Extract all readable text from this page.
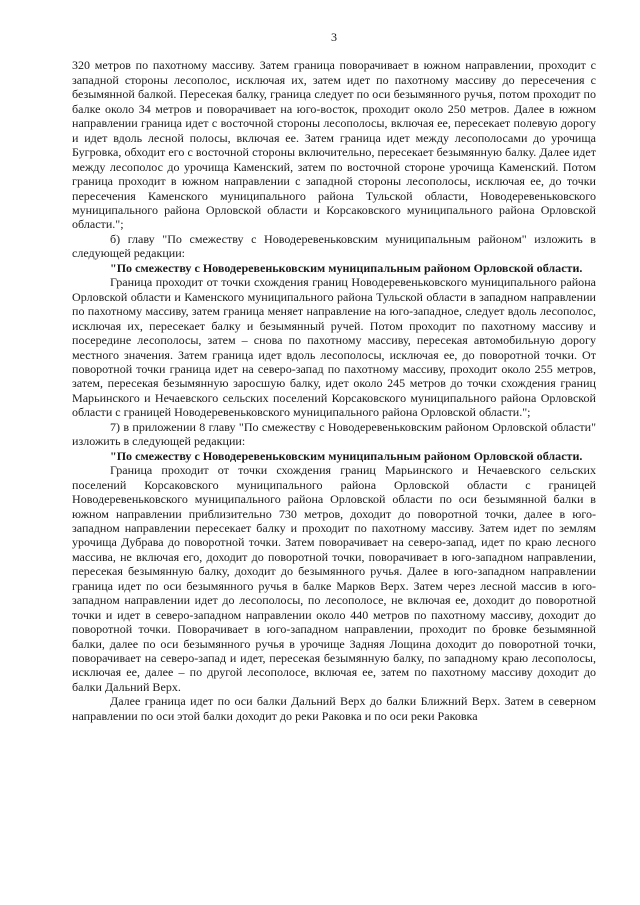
3

320 метров по пахотному массиву. Затем граница поворачивает в южном направлении, проходит с западной стороны лесополос, исключая их, затем идет по пахотному массиву до пересечения с безымянной балкой. Пересекая балку, граница следует по оси безымянного ручья, потом проходит по балке около 34 метров и поворачивает на юго-восток, проходит около 250 метров. Далее в южном направлении граница идет с восточной стороны лесополосы, включая ее, пересекает полевую дорогу и идет вдоль лесной полосы, включая ее. Затем граница идет между лесополосами до урочища Бугровка, обходит его с восточной стороны включительно, пересекает безымянную балку. Далее идет между лесополос до урочища Каменский, затем по восточной стороне урочища Каменский. Потом граница проходит в южном направлении с западной стороны лесополосы, исключая ее, до точки пересечения Каменского муниципального района Тульской области, Новодеревеньковского муниципального района Орловской области и Корсаковского муниципального района Орловской области.";

б) главу "По смежеству с Новодеревеньковским муниципальным районом" изложить в следующей редакции:

"По смежеству с Новодеревеньковским муниципальным районом Орловской области.

Граница проходит от точки схождения границ Новодеревеньковского муниципального района Орловской области и Каменского муниципального района Тульской области в западном направлении по пахотному массиву, затем граница меняет направление на юго-западное, следует вдоль лесополос, исключая их, пересекает балку и безымянный ручей. Потом проходит по пахотному массиву и посередине лесополосы, затем – снова по пахотному массиву, пересекая автомобильную дорогу местного значения. Затем граница идет вдоль лесополосы, исключая ее, до поворотной точки. От поворотной точки граница идет на северо-запад по пахотному массиву, проходит около 255 метров, затем, пересекая безымянную заросшую балку, идет около 245 метров до точки схождения границ Марьинского и Нечаевского сельских поселений Корсаковского муниципального района Орловской области с границей Новодеревеньковского муниципального района Орловской области.";

7) в приложении 8 главу "По смежеству с Новодеревеньковским районом Орловской области" изложить в следующей редакции:

"По смежеству с Новодеревеньковским муниципальным районом Орловской области.

Граница проходит от точки схождения границ Марьинского и Нечаевского сельских поселений Корсаковского муниципального района Орловской области с границей Новодеревеньковского муниципального района Орловской области по оси безымянной балки в южном направлении приблизительно 730 метров, доходит до поворотной точки, далее в юго-западном направлении пересекает балку и проходит по пахотному массиву. Затем идет по землям урочища Дубрава до поворотной точки. Затем поворачивает на северо-запад, идет по краю лесного массива, не включая его, доходит до поворотной точки, поворачивает в юго-западном направлении, пересекая безымянную балку, доходит до безымянного ручья. Далее в юго-западном направлении граница идет по оси безымянного ручья в балке Марков Верх. Затем через лесной массив в юго-западном направлении идет до лесополосы, по лесополосе, не включая ее, доходит до поворотной точки и идет в северо-западном направлении около 440 метров по пахотному массиву, доходит до поворотной точки. Поворачивает в юго-западном направлении, проходит по бровке безымянной балки, далее по оси безымянного ручья в урочище Задняя Лощина доходит до поворотной точки, поворачивает на северо-запад и идет, пересекая безымянную балку, по западному краю лесополосы, исключая ее, далее – по другой лесополосе, включая ее, затем по пахотному массиву доходит до балки Дальний Верх.

Далее граница идет по оси балки Дальний Верх до балки Ближний Верх. Затем в северном направлении по оси этой балки доходит до реки Раковка и по оси реки Раковка
